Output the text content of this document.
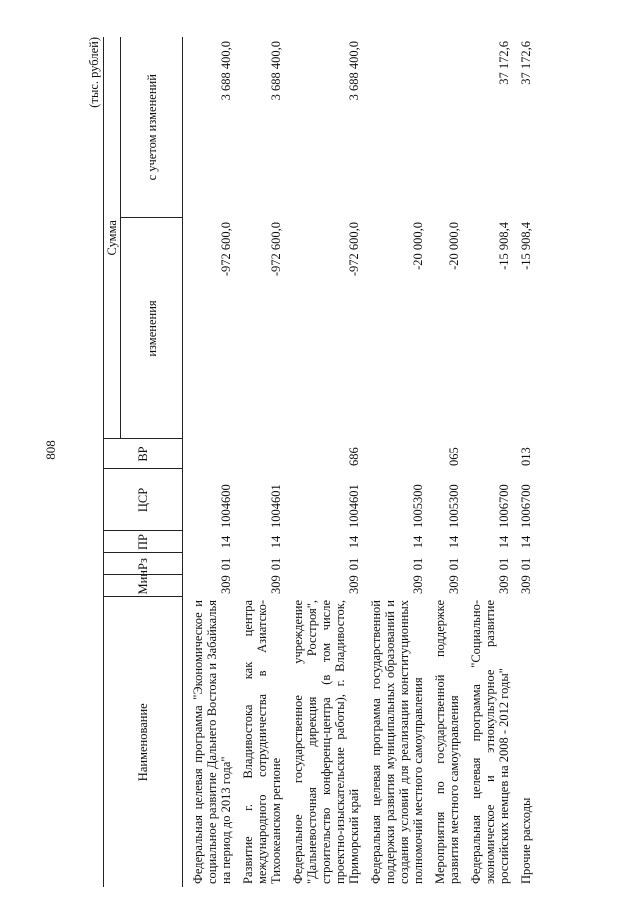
808
(тыс. рублей)
Наименование	Мин	Рз	ПР	ЦСР	ВР	Сумма	
						изменения	с учетом изменений
Федеральная целевая программа "Экономическое и социальное развитие Дальнего Востока и Забайкалья на период до 2013 года"	309	01	14	1004600		-972 600,0	3 688 400,0
Развитие г. Владивостока как центра международного сотрудничества в Азиатско-Тихоокеанском регионе	309	01	14	1004601		-972 600,0	3 688 400,0
Федеральное государственное учреждение "Дальневосточная дирекция Росстроя", строительство конференц-центра (в том числе проектно-изыскательские работы), г. Владивосток, Приморский край	309	01	14	1004601	686	-972 600,0	3 688 400,0
Федеральная целевая программа государственной поддержки развития муниципальных образований и создания условий для реализации конституционных полномочий местного самоуправления	309	01	14	1005300		-20 000,0	
Мероприятия по государственной поддержке развития местного самоуправления	309	01	14	1005300	065	-20 000,0	
Федеральная целевая программа "Социально-экономическое и этнокультурное развитие российских немцев на 2008 - 2012 годы"	309	01	14	1006700		-15 908,4	37 172,6
Прочие расходы	309	01	14	1006700	013	-15 908,4	37 172,6
